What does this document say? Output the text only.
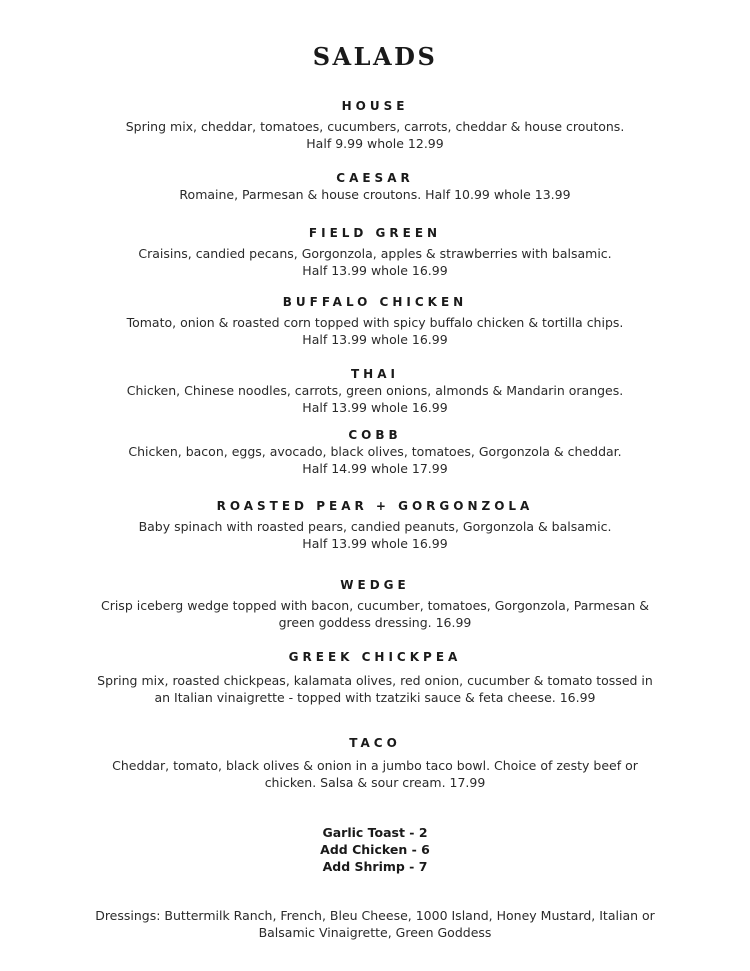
SALADS
HOUSE
Spring mix, cheddar, tomatoes, cucumbers, carrots, cheddar & house croutons.
Half 9.99 whole 12.99
CAESAR
Romaine, Parmesan & house croutons. Half 10.99 whole 13.99
FIELD GREEN
Craisins, candied pecans, Gorgonzola, apples & strawberries with balsamic.
Half 13.99 whole 16.99
BUFFALO CHICKEN
Tomato, onion & roasted corn topped with spicy buffalo chicken & tortilla chips.
Half 13.99 whole 16.99
THAI
Chicken, Chinese noodles, carrots, green onions, almonds & Mandarin oranges.
Half 13.99 whole 16.99
COBB
Chicken, bacon, eggs, avocado, black olives, tomatoes, Gorgonzola & cheddar.
Half 14.99 whole 17.99
ROASTED PEAR + GORGONZOLA
Baby spinach with roasted pears, candied peanuts, Gorgonzola & balsamic.
Half 13.99 whole 16.99
WEDGE
Crisp iceberg wedge topped with bacon, cucumber, tomatoes, Gorgonzola, Parmesan &
green goddess dressing. 16.99
GREEK CHICKPEA
Spring mix, roasted chickpeas, kalamata olives, red onion, cucumber & tomato tossed in
an Italian vinaigrette - topped with tzatziki sauce & feta cheese. 16.99
TACO
Cheddar, tomato, black olives & onion in a jumbo taco bowl. Choice of zesty beef or
chicken. Salsa & sour cream. 17.99
Garlic Toast - 2
Add Chicken - 6
Add Shrimp - 7
Dressings: Buttermilk Ranch, French, Bleu Cheese, 1000 Island, Honey Mustard, Italian or
Balsamic Vinaigrette, Green Goddess
